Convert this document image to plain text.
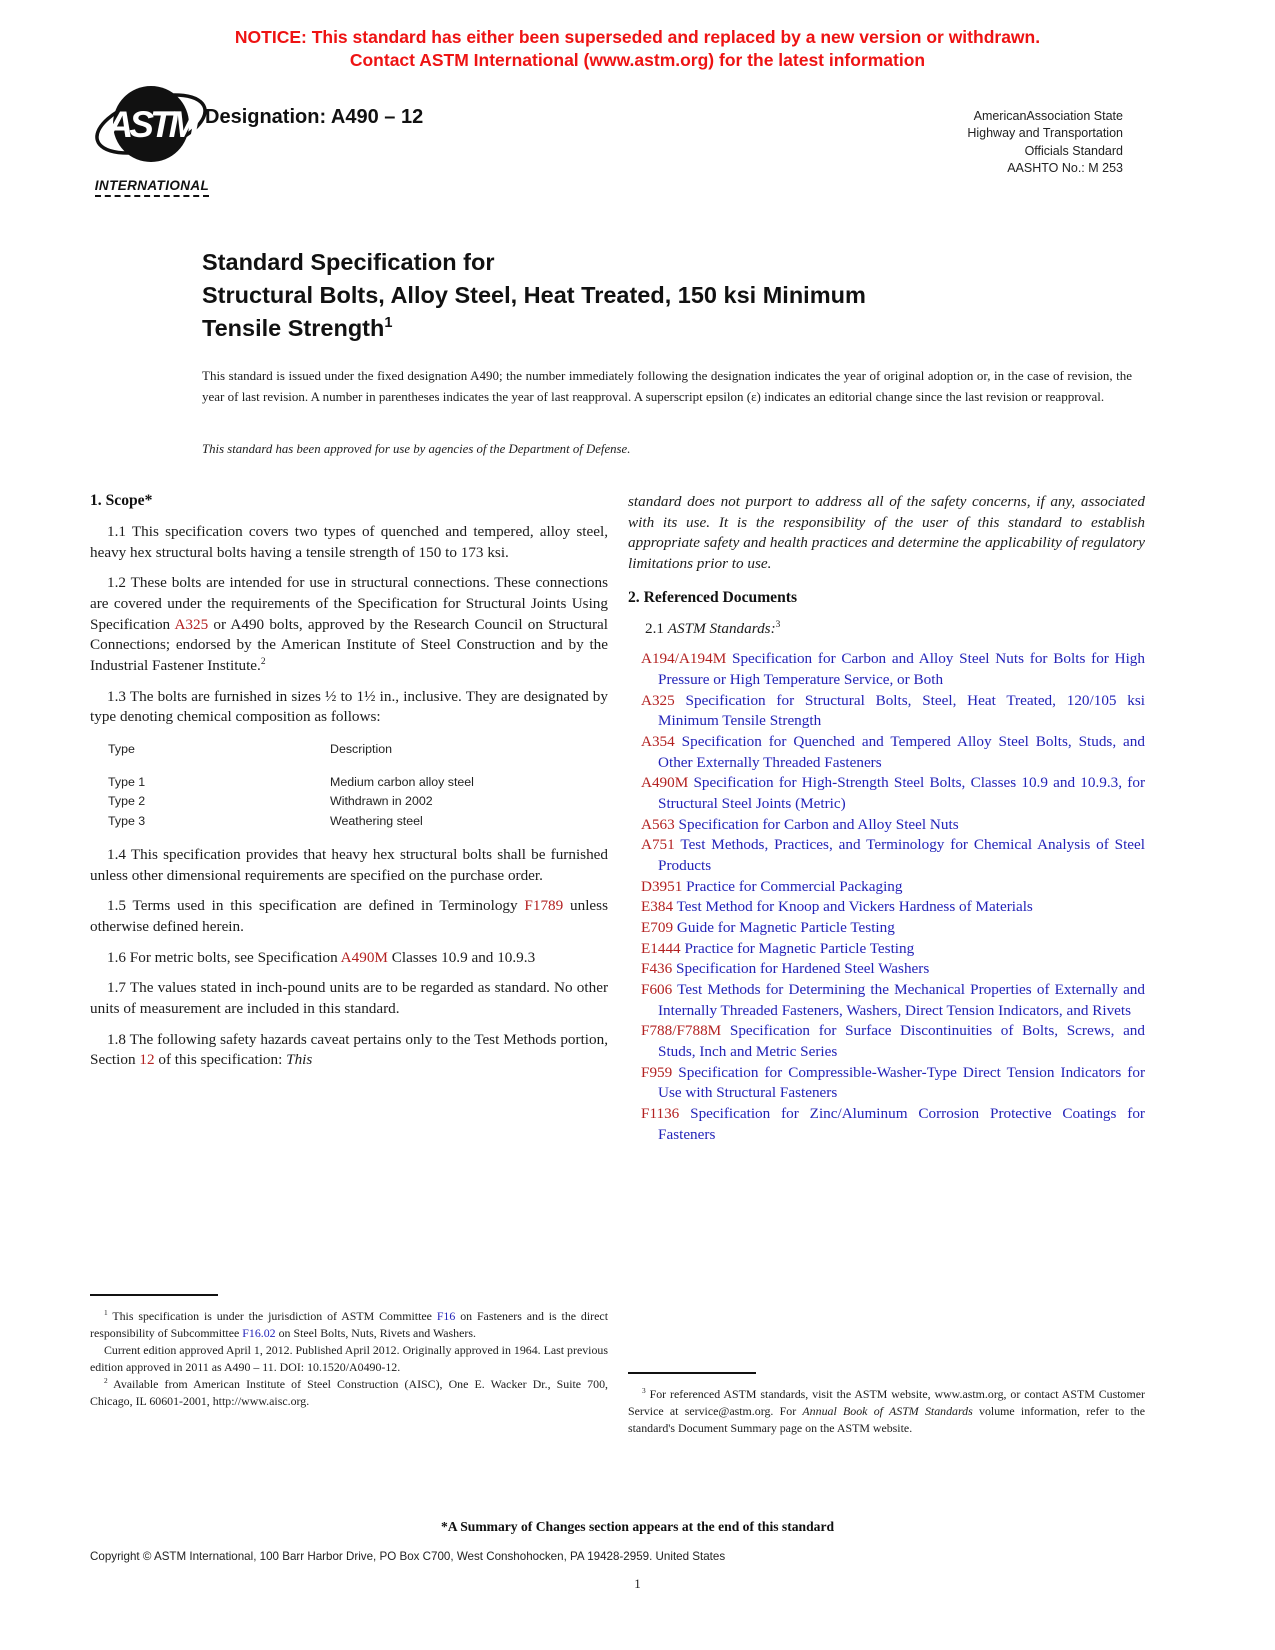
NOTICE: This standard has either been superseded and replaced by a new version or withdrawn.
Contact ASTM International (www.astm.org) for the latest information
ASTM
INTERNATIONAL
Designation: A490 – 12	AmericanAssociation State
Highway and Transportation
Officials Standard
AASHTO No.: M 253
Standard Specification for
Structural Bolts, Alloy Steel, Heat Treated, 150 ksi Minimum
Tensile Strength$^1$
This standard is issued under the fixed designation A490; the number immediately following the designation indicates the year of original adoption or, in the case of revision, the year of last revision. A number in parentheses indicates the year of last reapproval. A superscript epsilon (ε) indicates an editorial change since the last revision or reapproval.
This standard has been approved for use by agencies of the Department of Defense.
1. Scope*

1.1 This specification covers two types of quenched and tempered, alloy steel, heavy hex structural bolts having a tensile strength of 150 to 173 ksi.

1.2 These bolts are intended for use in structural connections. These connections are covered under the requirements of the Specification for Structural Joints Using Specification A325 or A490 bolts, approved by the Research Council on Structural Connections; endorsed by the American Institute of Steel Construction and by the Industrial Fastener Institute.$^2$

1.3 The bolts are furnished in sizes ½ to 1½ in., inclusive. They are designated by type denoting chemical composition as follows:

Type	Description
Type 1	Medium carbon alloy steel
Type 2	Withdrawn in 2002
Type 3	Weathering steel

1.4 This specification provides that heavy hex structural bolts shall be furnished unless other dimensional requirements are specified on the purchase order.

1.5 Terms used in this specification are defined in Terminology F1789 unless otherwise defined herein.

1.6 For metric bolts, see Specification A490M Classes 10.9 and 10.9.3

1.7 The values stated in inch-pound units are to be regarded as standard. No other units of measurement are included in this standard.

1.8 The following safety hazards caveat pertains only to the Test Methods portion, Section 12 of this specification: This

standard does not purport to address all of the safety concerns, if any, associated with its use. It is the responsibility of the user of this standard to establish appropriate safety and health practices and determine the applicability of regulatory limitations prior to use.

2. Referenced Documents

2.1 ASTM Standards:$^3$

A194/A194M Specification for Carbon and Alloy Steel Nuts for Bolts for High Pressure or High Temperature Service, or Both
A325 Specification for Structural Bolts, Steel, Heat Treated, 120/105 ksi Minimum Tensile Strength
A354 Specification for Quenched and Tempered Alloy Steel Bolts, Studs, and Other Externally Threaded Fasteners
A490M Specification for High-Strength Steel Bolts, Classes 10.9 and 10.9.3, for Structural Steel Joints (Metric)
A563 Specification for Carbon and Alloy Steel Nuts
A751 Test Methods, Practices, and Terminology for Chemical Analysis of Steel Products
D3951 Practice for Commercial Packaging
E384 Test Method for Knoop and Vickers Hardness of Materials
E709 Guide for Magnetic Particle Testing
E1444 Practice for Magnetic Particle Testing
F436 Specification for Hardened Steel Washers
F606 Test Methods for Determining the Mechanical Properties of Externally and Internally Threaded Fasteners, Washers, Direct Tension Indicators, and Rivets
F788/F788M Specification for Surface Discontinuities of Bolts, Screws, and Studs, Inch and Metric Series
F959 Specification for Compressible-Washer-Type Direct Tension Indicators for Use with Structural Fasteners
F1136 Specification for Zinc/Aluminum Corrosion Protective Coatings for Fasteners

$^1$ This specification is under the jurisdiction of ASTM Committee F16 on Fasteners and is the direct responsibility of Subcommittee F16.02 on Steel Bolts, Nuts, Rivets and Washers.

Current edition approved April 1, 2012. Published April 2012. Originally approved in 1964. Last previous edition approved in 2011 as A490 – 11. DOI: 10.1520/A0490-12.

$^2$ Available from American Institute of Steel Construction (AISC), One E. Wacker Dr., Suite 700, Chicago, IL 60601-2001, http://www.aisc.org.

$^3$ For referenced ASTM standards, visit the ASTM website, www.astm.org, or contact ASTM Customer Service at service@astm.org. For Annual Book of ASTM Standards volume information, refer to the standard's Document Summary page on the ASTM website.

*A Summary of Changes section appears at the end of this standard
Copyright © ASTM International, 100 Barr Harbor Drive, PO Box C700, West Conshohocken, PA 19428-2959. United States
1
